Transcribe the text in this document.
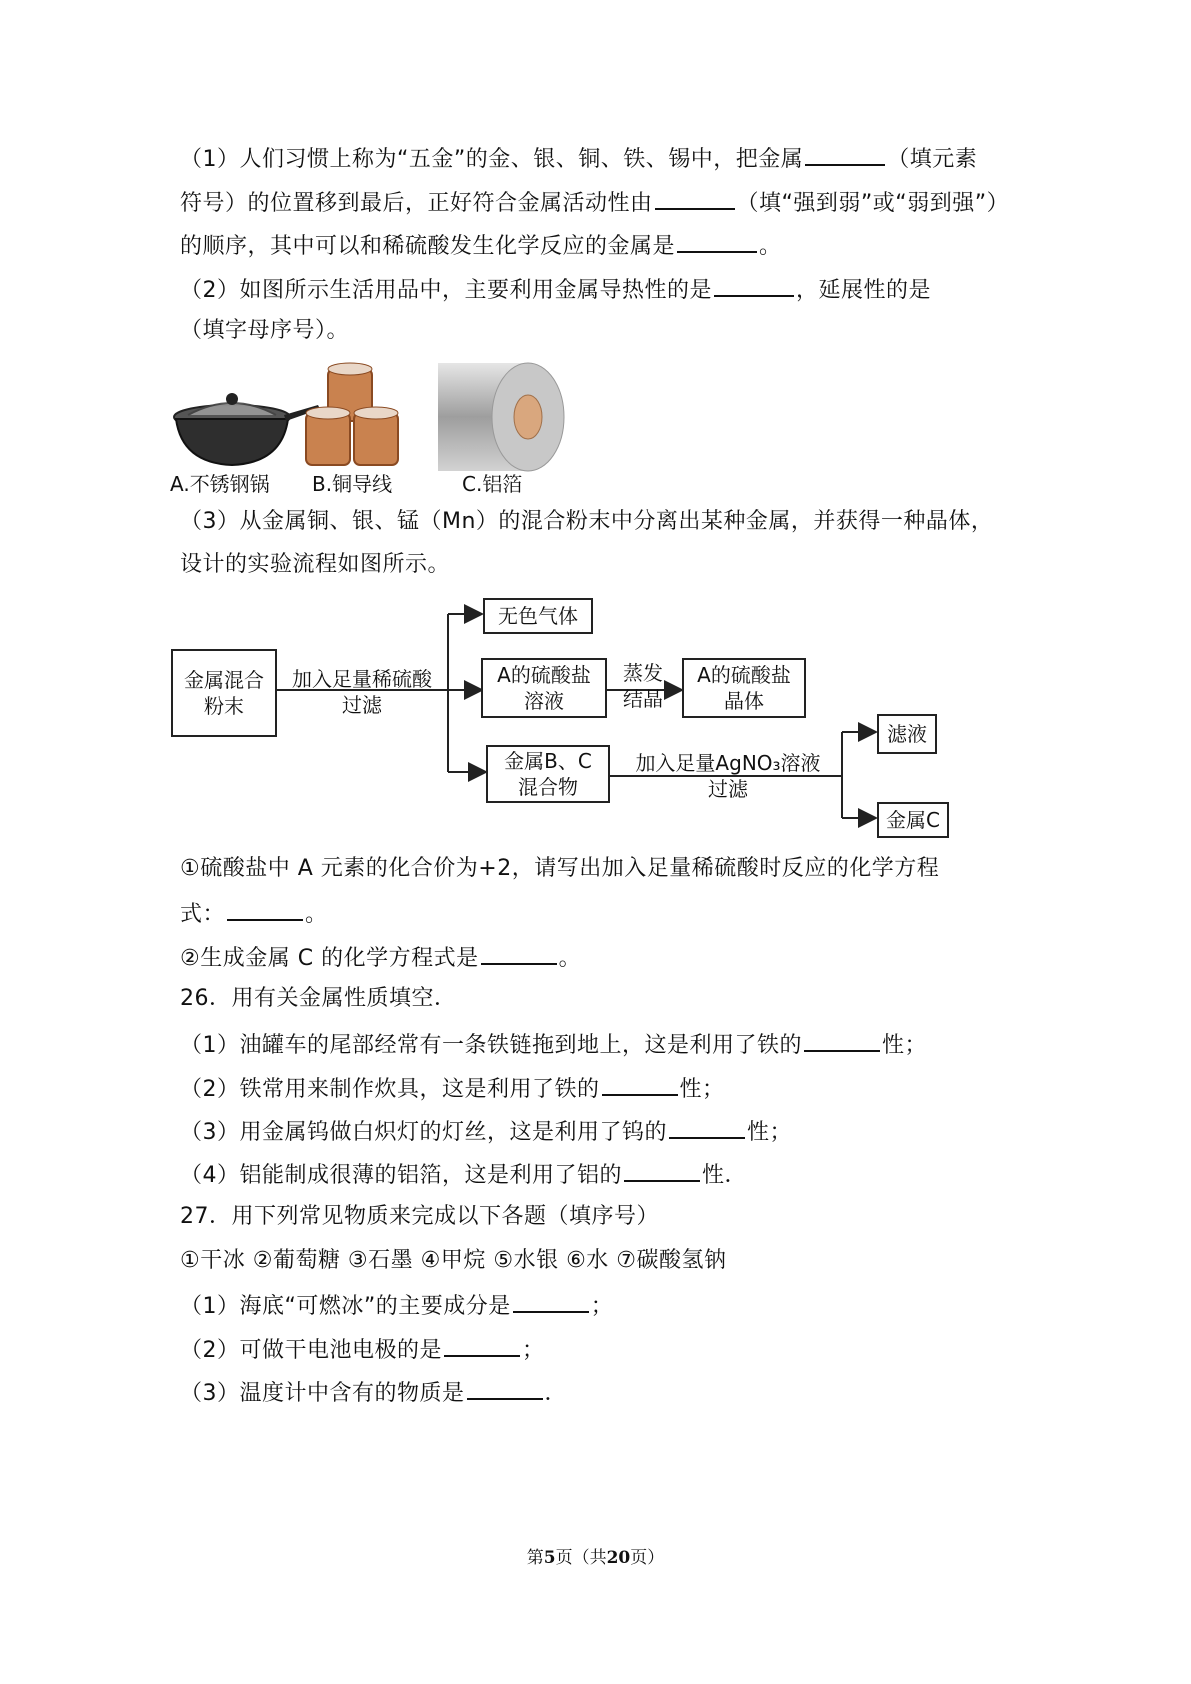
（1）人们习惯上称为“五金”的金、银、铜、铁、锡中，把金属	（填元素
符号）的位置移到最后，正好符合金属活动性由	（填“强到弱”或“弱到强”）
的顺序，其中可以和稀硫酸发生化学反应的金属是	。
（2）如图所示生活用品中，主要利用金属导热性的是	，延展性的是
（填字母序号）。
A.不锈钢锅 B.铜导线	C.铝箔
（3）从金属铜、银、锰（Mn）的混合粉末中分离出某种金属，并获得一种晶体，
设计的实验流程如图所示。
金属混合
粉末
加入足量稀硫酸
过滤
无色气体
A的硫酸盐
溶液
蒸发
结晶
A的硫酸盐
晶体
金属B、C
混合物
加入足量AgNO₃溶液
过滤
滤液
金属C
①硫酸盐中 A 元素的化合价为+2，请写出加入足量稀硫酸时反应的化学方程
式：	。
②生成金属 C 的化学方程式是	。
26．用有关金属性质填空．
（1）油罐车的尾部经常有一条铁链拖到地上，这是利用了铁的	性；
（2）铁常用来制作炊具，这是利用了铁的	性；
（3）用金属钨做白炽灯的灯丝，这是利用了钨的	性；
（4）铝能制成很薄的铝箔，这是利用了铝的	性．
27．用下列常见物质来完成以下各题（填序号）
①干冰 ②葡萄糖 ③石墨 ④甲烷 ⑤水银 ⑥水 ⑦碳酸氢钠
（1）海底“可燃冰”的主要成分是	；
（2）可做干电池电极的是	；
（3）温度计中含有的物质是	．
第5页（共20页）
